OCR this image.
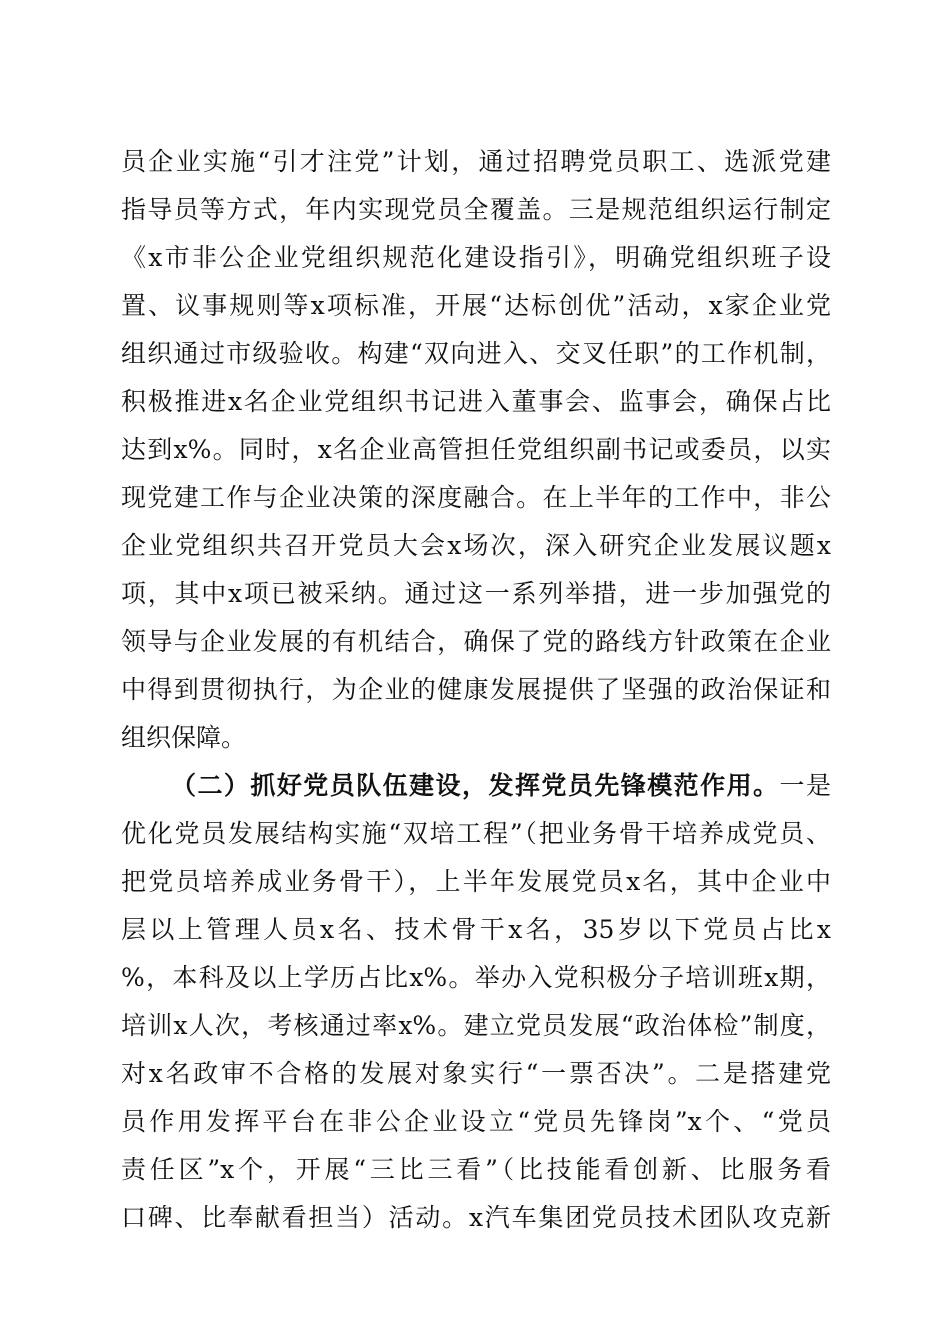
员企业实施“引才注党”计划，通过招聘党员职工、选派党建
指导员等方式，年内实现党员全覆盖。三是规范组织运行制定
《x市非公企业党组织规范化建设指引》，明确党组织班子设
置、议事规则等x项标准，开展“达标创优”活动，x家企业党
组织通过市级验收。构建“双向进入、交叉任职”的工作机制，
积极推进x名企业党组织书记进入董事会、监事会，确保占比
达到x%。同时，x名企业高管担任党组织副书记或委员，以实
现党建工作与企业决策的深度融合。在上半年的工作中，非公
企业党组织共召开党员大会x场次，深入研究企业发展议题x
项，其中x项已被采纳。通过这一系列举措，进一步加强党的
领导与企业发展的有机结合，确保了党的路线方针政策在企业
中得到贯彻执行，为企业的健康发展提供了坚强的政治保证和
组织保障。
（二）抓好党员队伍建设，发挥党员先锋模范作用。一是
优化党员发展结构实施“双培工程”（把业务骨干培养成党员、
把党员培养成业务骨干），上半年发展党员x名，其中企业中
层以上管理人员x名、技术骨干x名，35岁以下党员占比x
%，本科及以上学历占比x%。举办入党积极分子培训班x期，
培训x人次，考核通过率x%。建立党员发展“政治体检”制度，
对x名政审不合格的发展对象实行“一票否决”。二是搭建党
员作用发挥平台在非公企业设立“党员先锋岗”x个、“党员
责任区”x个，开展“三比三看”（比技能看创新、比服务看
口碑、比奉献看担当）活动。x汽车集团党员技术团队攻克新
